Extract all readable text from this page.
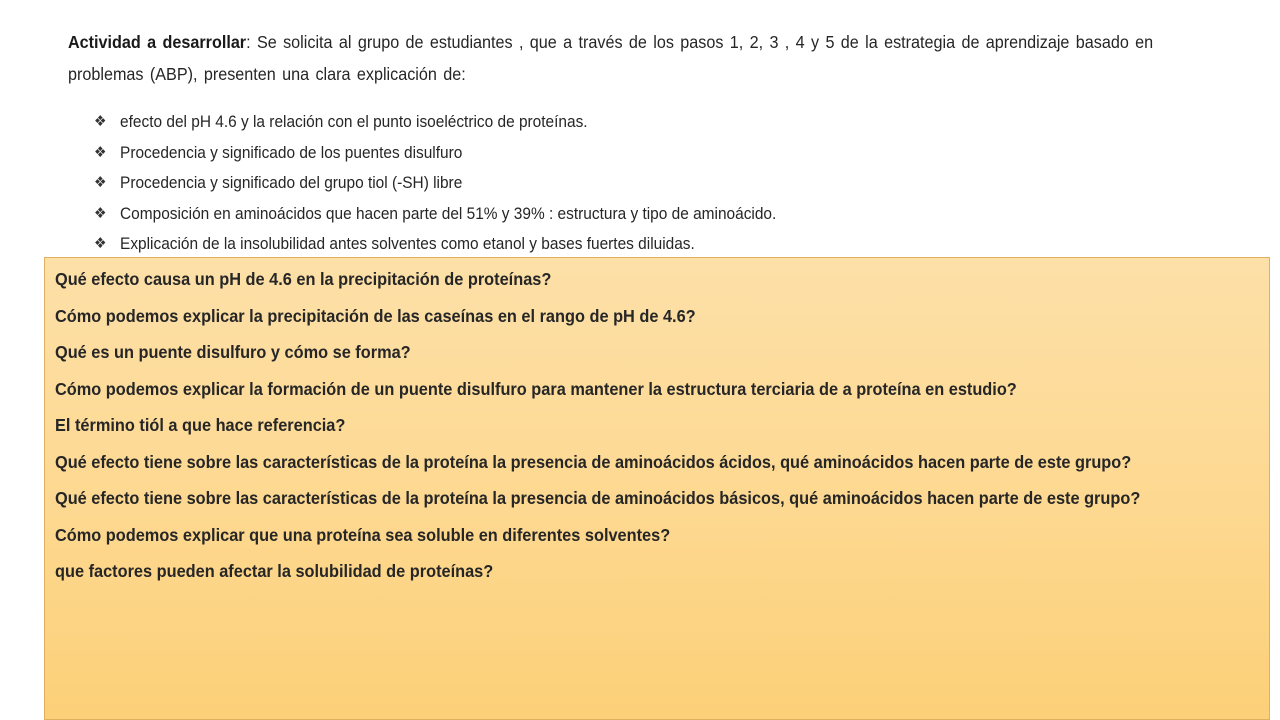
Actividad a desarrollar: Se solicita al grupo de estudiantes , que a través de los pasos 1, 2, 3 , 4 y 5 de la estrategia de aprendizaje basado en problemas (ABP), presenten una clara explicación de:

❖ efecto del pH 4.6 y la relación con el punto isoeléctrico de proteínas.
❖ Procedencia y significado de los puentes disulfuro
❖ Procedencia y significado del grupo tiol (-SH) libre
❖ Composición en aminoácidos que hacen parte del 51% y 39% : estructura y tipo de aminoácido.
❖ Explicación de la insolubilidad antes solventes como etanol y bases fuertes diluidas.

Qué efecto causa un pH de 4.6 en la precipitación de proteínas?

Cómo podemos explicar la precipitación de las caseínas en el rango de pH de 4.6?

Qué es un puente disulfuro y cómo se forma?

Cómo podemos explicar la formación de un puente disulfuro para mantener la estructura terciaria de a proteína en estudio?

El término tiól a que hace referencia?

Qué efecto tiene sobre las características de la proteína la presencia de aminoácidos ácidos, qué aminoácidos hacen parte de este grupo?

Qué efecto tiene sobre las características de la proteína la presencia de aminoácidos básicos, qué aminoácidos hacen parte de este grupo?

Cómo podemos explicar que una proteína sea soluble en diferentes solventes?

que factores pueden afectar la solubilidad de proteínas?
